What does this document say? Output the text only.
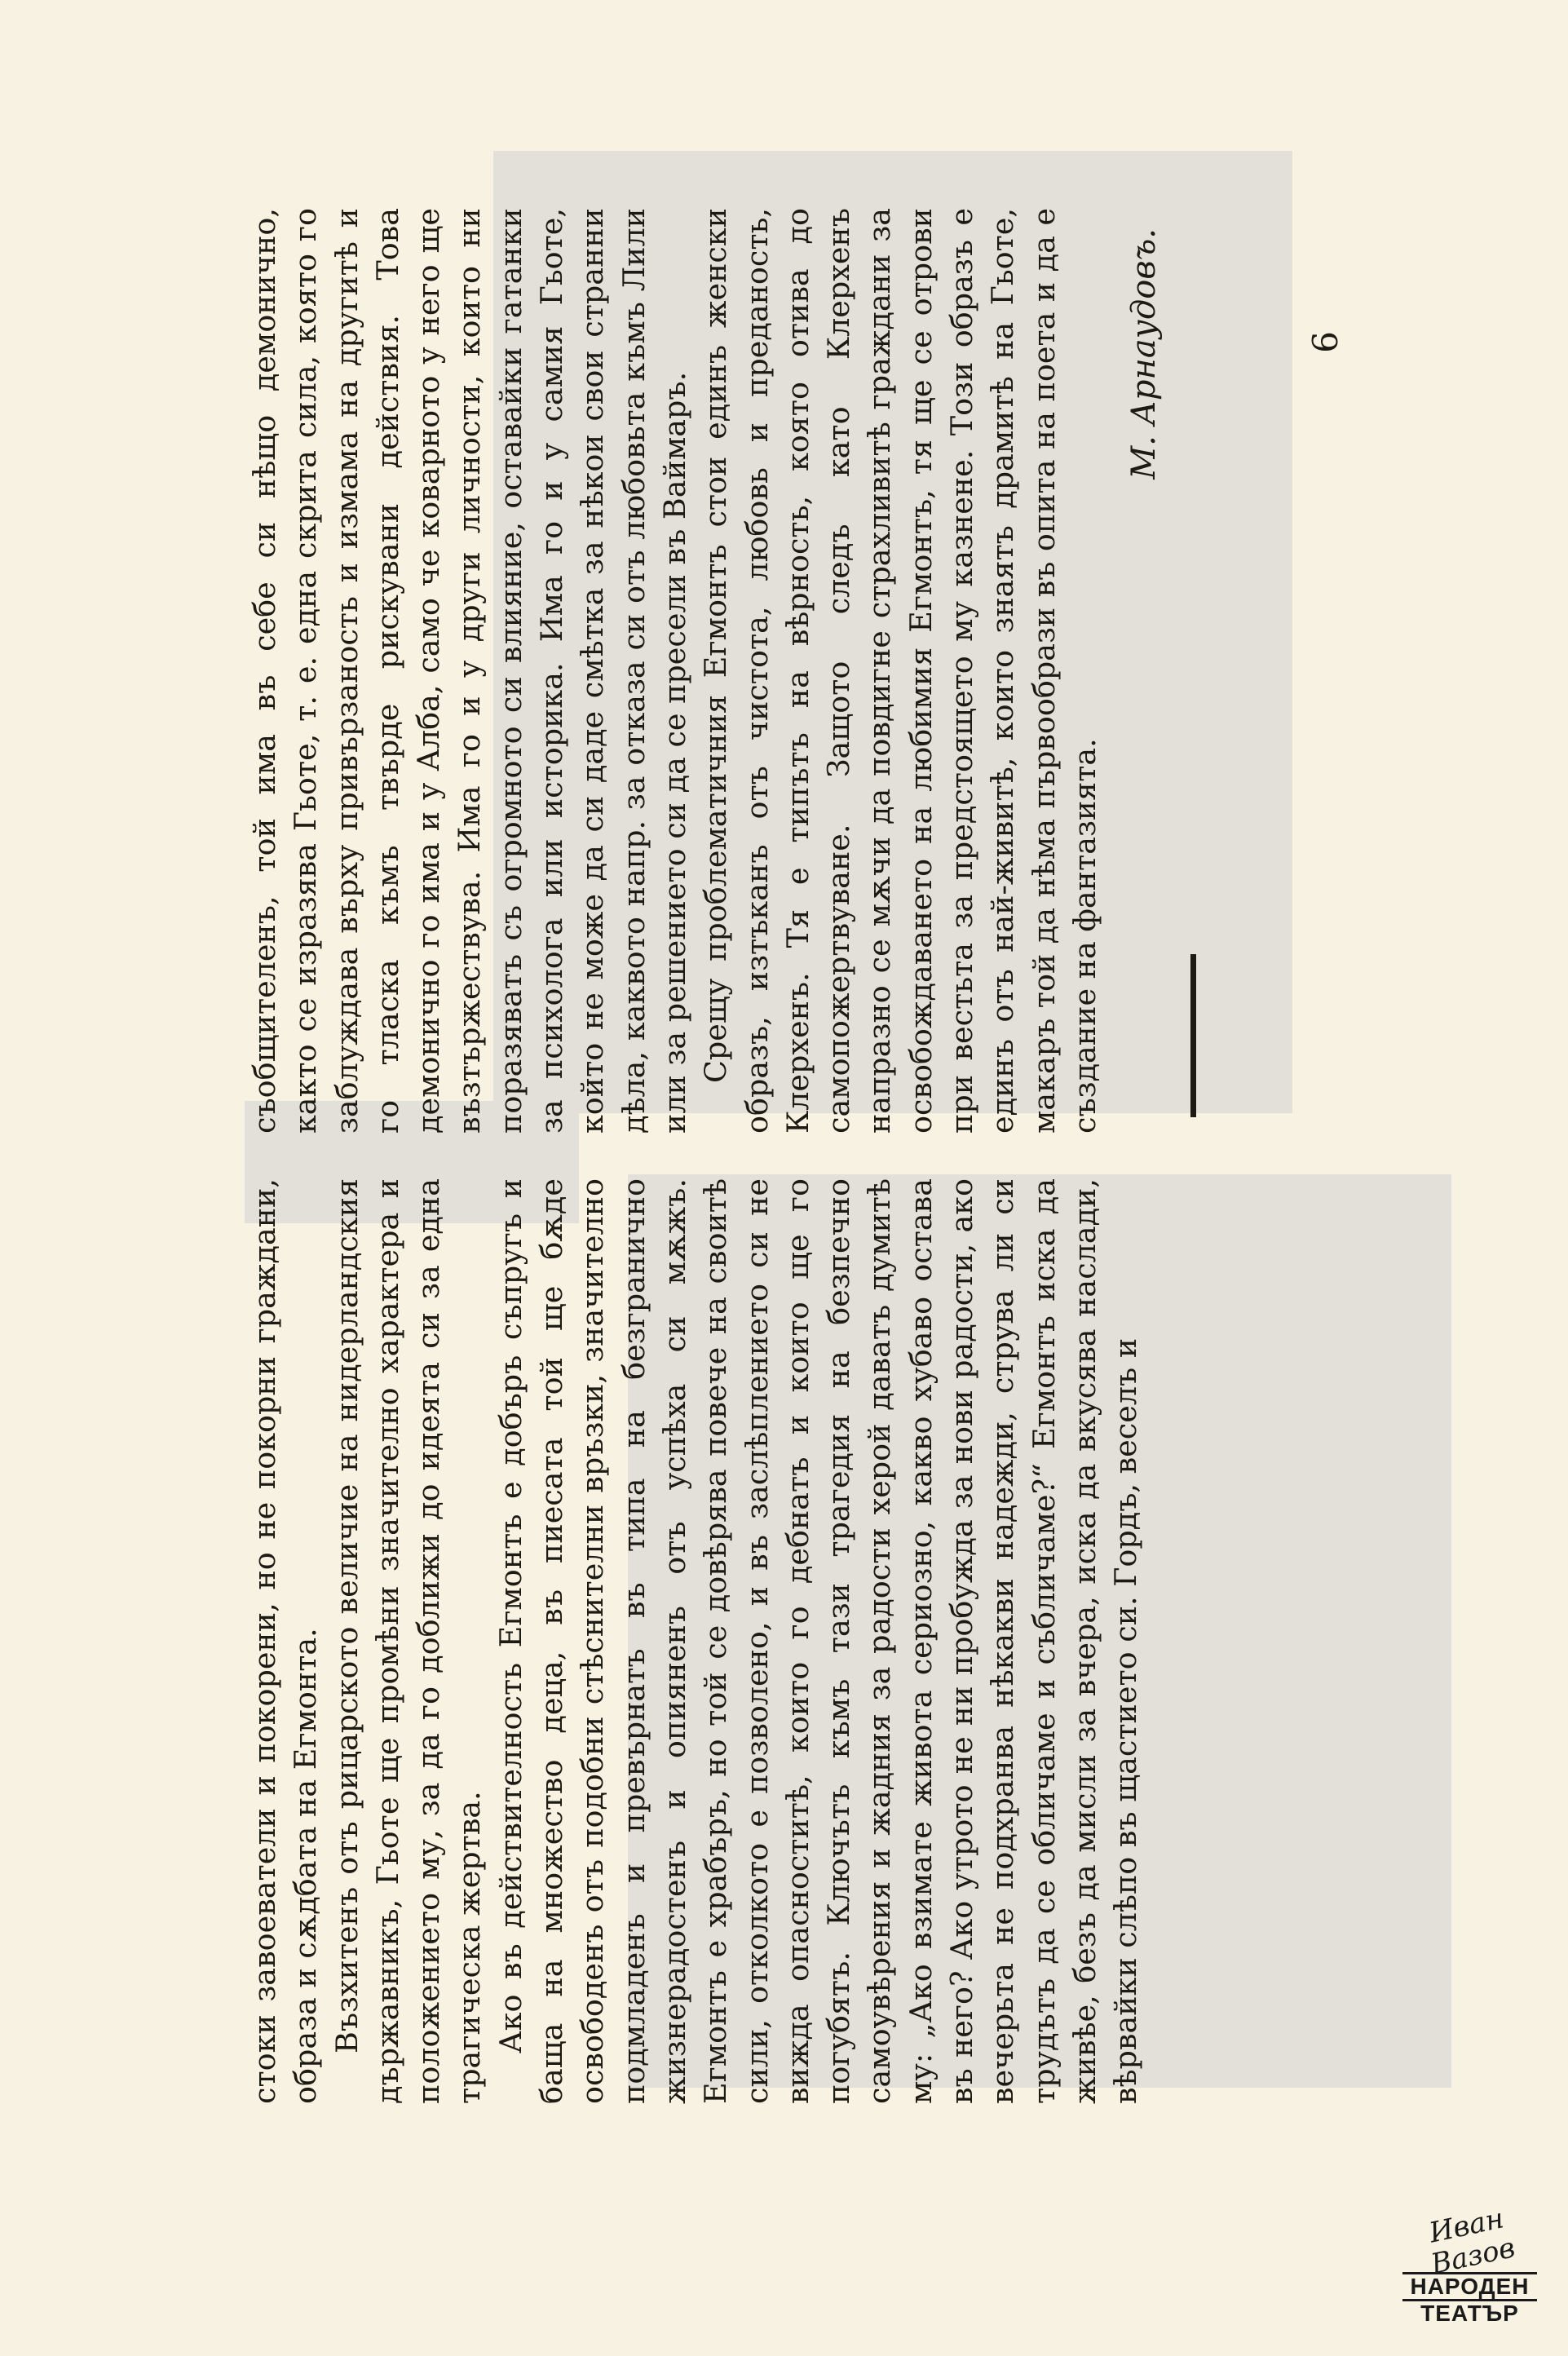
стоки завоеватели и покорени, но не покорни граждани, образа и сѫдбата на Егмонта. Възхитенъ отъ рицарското величие на нидерландския държавникъ, Гьоте ще промѣни значително характера и положението му, за да го доближи до идеята си за една трагическа жертва. Ако въ действителность Егмонтъ е добъръ съпругъ и баща на множество деца, въ пиесата той ще бѫде освободенъ отъ подобни стѣснителни връзки, значително подмладенъ и превърнатъ въ типа на безгранично жизнерадостенъ и опияненъ отъ успѣха си мѫжъ. Егмонтъ е храбъръ, но той се довѣрява повече на своитѣ сили, отколкото е позволено, и въ заслѣплението си не вижда опасноститѣ, които го дебнатъ и които ще го погубятъ. Ключътъ къмъ тази трагедия на безпечно самоувѣрения и жадния за радости херой даватъ думитѣ му: „Ако взимате живота сериозно, какво хубаво остава въ него? Ако утрото не ни пробужда за нови радости, ако вечерьта не подхранва нѣкакви надежди, струва ли си трудътъ да се обличаме и събличаме?“ Егмонтъ иска да живѣе, безъ да мисли за вчера, иска да вкусява наслади, вѣрвайки слѣпо въ щастието си. Гордъ, веселъ и

съобщителенъ, той има въ себе си нѣщо демонично, както се изразява Гьоте, т. е. една скрита сила, която го заблуждава върху привързаность и измама на другитѣ и го тласка къмъ твърде рискувани действия. Това демонично го има и у Алба, само че коварното у него ще възтържествува. Има го и у други личности, които ни поразяватъ съ огромното си влияние, оставайки гатанки за психолога или историка. Има го и у самия Гьоте, който не може да си даде смѣтка за нѣкои свои странни дѣла, каквото напр. за отказа си отъ любовьта къмъ Лили или за решението си да се пресели въ Ваймаръ. Срещу проблематичния Егмонтъ стои единъ женски образъ, изтъканъ отъ чистота, любовь и преданость, Клерхенъ. Тя е типътъ на вѣрность, която отива до самопожертвуване. Защото следъ като Клерхенъ напразно се мѫчи да повдигне страхливитѣ граждани за освобождаването на любимия Егмонтъ, тя ще се отрови при вестьта за предстоящето му казнене. Този образъ е единъ отъ най-живитѣ, които знаятъ драмитѣ на Гьоте, макаръ той да нѣма първообрази въ опита на поета и да е създание на фантазията.

М. Арнаудовъ.	9
Иван Вазов
НАРОДЕН
ТЕАТЪР
